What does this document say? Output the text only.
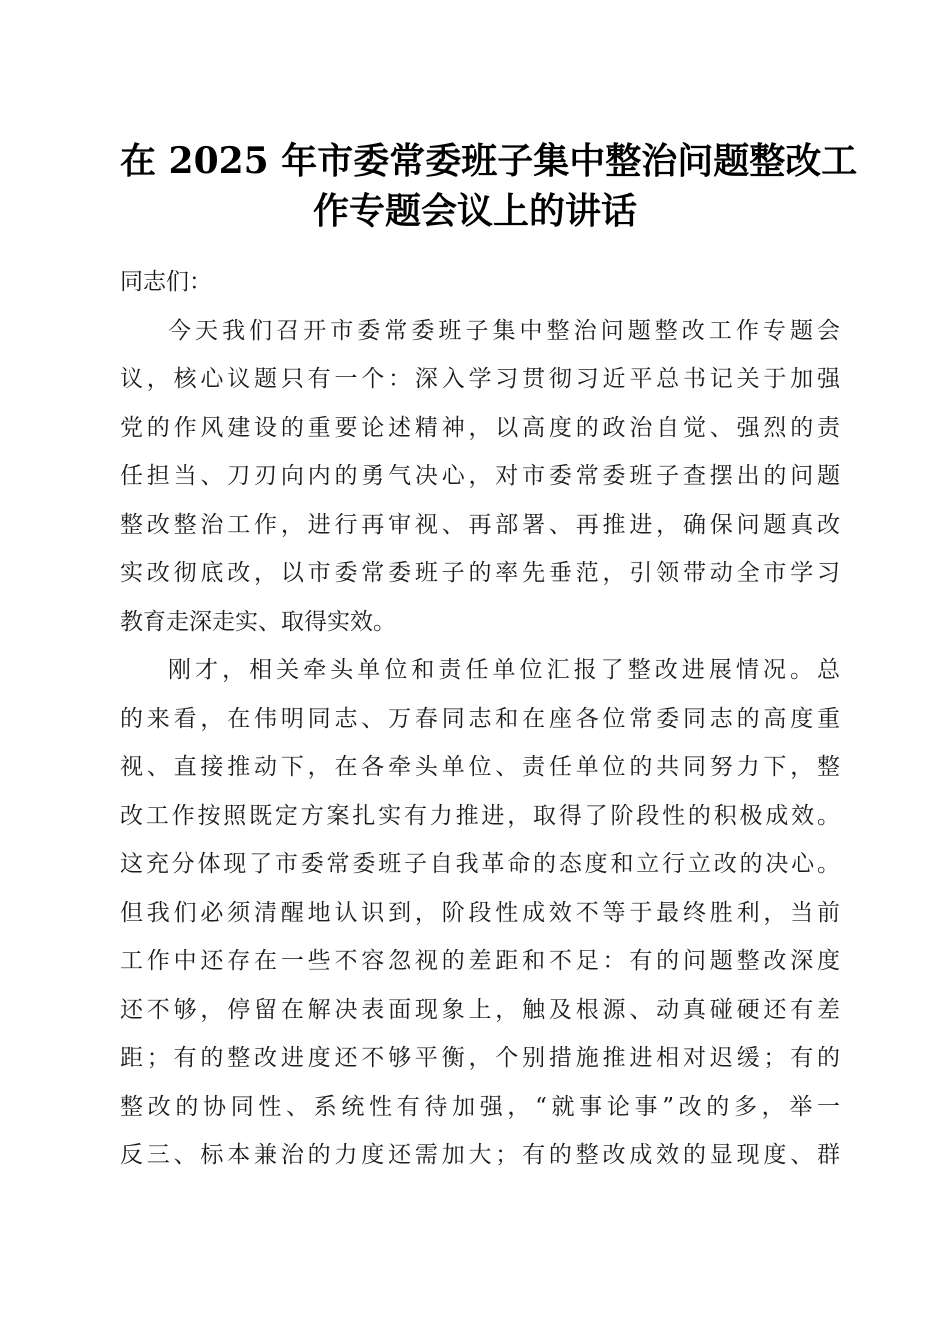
在 2025 年市委常委班子集中整治问题整改工
作专题会议上的讲话
同志们：
今天我们召开市委常委班子集中整治问题整改工作专题会
议，核心议题只有一个：深入学习贯彻习近平总书记关于加强
党的作风建设的重要论述精神，以高度的政治自觉、强烈的责
任担当、刀刃向内的勇气决心，对市委常委班子查摆出的问题
整改整治工作，进行再审视、再部署、再推进，确保问题真改
实改彻底改，以市委常委班子的率先垂范，引领带动全市学习
教育走深走实、取得实效。
刚才，相关牵头单位和责任单位汇报了整改进展情况。总
的来看，在伟明同志、万春同志和在座各位常委同志的高度重
视、直接推动下，在各牵头单位、责任单位的共同努力下，整
改工作按照既定方案扎实有力推进，取得了阶段性的积极成效。
这充分体现了市委常委班子自我革命的态度和立行立改的决心。
但我们必须清醒地认识到，阶段性成效不等于最终胜利，当前
工作中还存在一些不容忽视的差距和不足：有的问题整改深度
还不够，停留在解决表面现象上，触及根源、动真碰硬还有差
距；有的整改进度还不够平衡，个别措施推进相对迟缓；有的
整改的协同性、系统性有待加强，“就事论事”改的多，举一
反三、标本兼治的力度还需加大；有的整改成效的显现度、群
